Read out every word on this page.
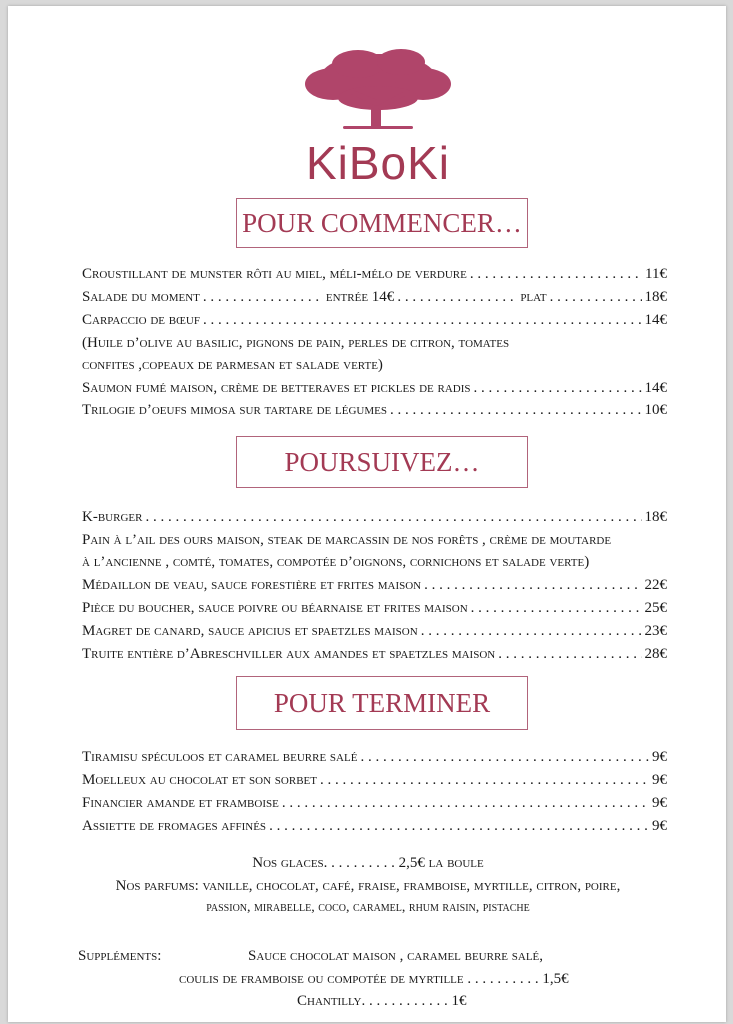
KiBoKi
POUR COMMENCER…
Croustillant de munster rôti au miel, méli-mélo de verdure . . .	11€
Salade du moment . . .	entrée 14€ . . .	plat . . .	18€
Carpaccio de bœuf . . .	14€
(Huile d’olive au basilic, pignons de pain, perles de citron, tomates
confites ,copeaux de parmesan et salade verte)
Saumon fumé maison, crème de betteraves et pickles de radis . . .	14€
Trilogie d’oeufs mimosa sur tartare de légumes . . .	10€
POURSUIVEZ…
K-burger . . .	18€
Pain à l’ail des ours maison, steak de marcassin de nos forêts , crème de moutarde
à l’ancienne , comté, tomates, compotée d’oignons, cornichons et salade verte)
Médaillon de veau, sauce forestière et frites maison . . .	22€
Pièce du boucher, sauce poivre ou béarnaise et frites maison . . .	25€
Magret de canard, sauce apicius et spaetzles maison . . .	23€
Truite entière d’Abreschviller aux amandes et spaetzles maison . . .	28€
POUR TERMINER
Tiramisu spéculoos et caramel beurre salé . . .	9€
Moelleux au chocolat et son sorbet . . .	9€
Financier amande et framboise . . .	9€
Assiette de fromages affinés . . .	9€
Nos glaces. . . . . . . . . . 2,5€ la boule
Nos parfums: vanille, chocolat, café, fraise, framboise, myrtille, citron, poire,
passion, mirabelle, coco, caramel, rhum raisin, pistache
Suppléments:	Sauce chocolat maison , caramel beurre salé,
coulis de framboise ou compotée de myrtille . . . . . . . . . . 1,5€
Chantilly. . . . . . . . . . . . 1€
